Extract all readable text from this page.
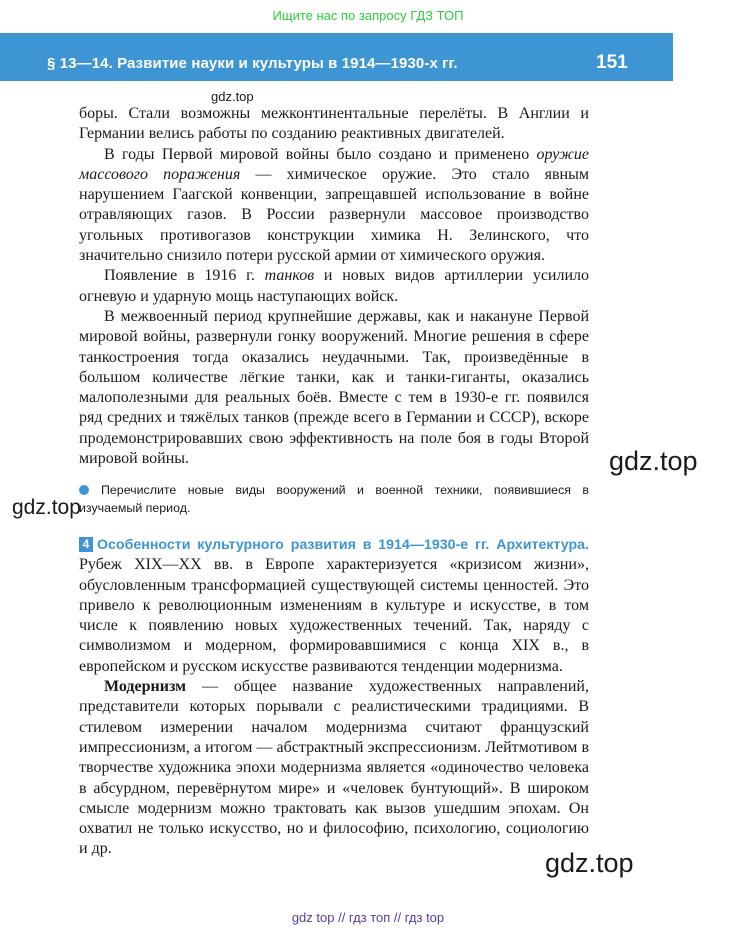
Ищите нас по запросу ГДЗ ТОП
§ 13—14. Развитие науки и культуры в 1914—1930-х гг.	151
gdz.top

боры. Стали возможны межконтинентальные перелёты. В Англии и Германии велись работы по созданию реактивных двигателей.

В годы Первой мировой войны было создано и применено оружие массового поражения — химическое оружие. Это стало явным нарушением Гаагской конвенции, запрещавшей использование в войне отравляющих газов. В России развернули массовое производство угольных противогазов конструкции химика Н. Зелинского, что значительно снизило потери русской армии от химического оружия.

Появление в 1916 г. танков и новых видов артиллерии усилило огневую и ударную мощь наступающих войск.

В межвоенный период крупнейшие державы, как и накануне Первой мировой войны, развернули гонку вооружений. Многие решения в сфере танкостроения тогда оказались неудачными. Так, произведённые в большом количестве лёгкие танки, как и танки-гиганты, оказались малополезными для реальных боёв. Вместе с тем в 1930-е гг. появился ряд средних и тяжёлых танков (прежде всего в Германии и СССР), вскоре продемонстрировавших свою эффективность на поле боя в годы Второй мировой войны.	gdz.top
Перечислите новые виды вооружений и военной техники, появившиеся в изучаемый период.
gdz.top

4 Особенности культурного развития в 1914—1930-е гг. Архитектура. Рубеж XIX—XX вв. в Европе характеризуется «кризисом жизни», обусловленным трансформацией существующей системы ценностей. Это привело к революционным изменениям в культуре и искусстве, в том числе к появлению новых художественных течений. Так, наряду с символизмом и модерном, формировавшимися с конца XIX в., в европейском и русском искусстве развиваются тенденции модернизма.

Модернизм — общее название художественных направлений, представители которых порывали с реалистическими традициями. В стилевом измерении началом модернизма считают французский импрессионизм, а итогом — абстрактный экспрессионизм. Лейтмотивом в творчестве художника эпохи модернизма является «одиночество человека в абсурдном, перевёрнутом мире» и «человек бунтующий». В широком смысле модернизм можно трактовать как вызов ушедшим эпохам. Он охватил не только искусство, но и философию, психологию, социологию и др.	gdz.top
gdz top // гдз топ // гдз top
